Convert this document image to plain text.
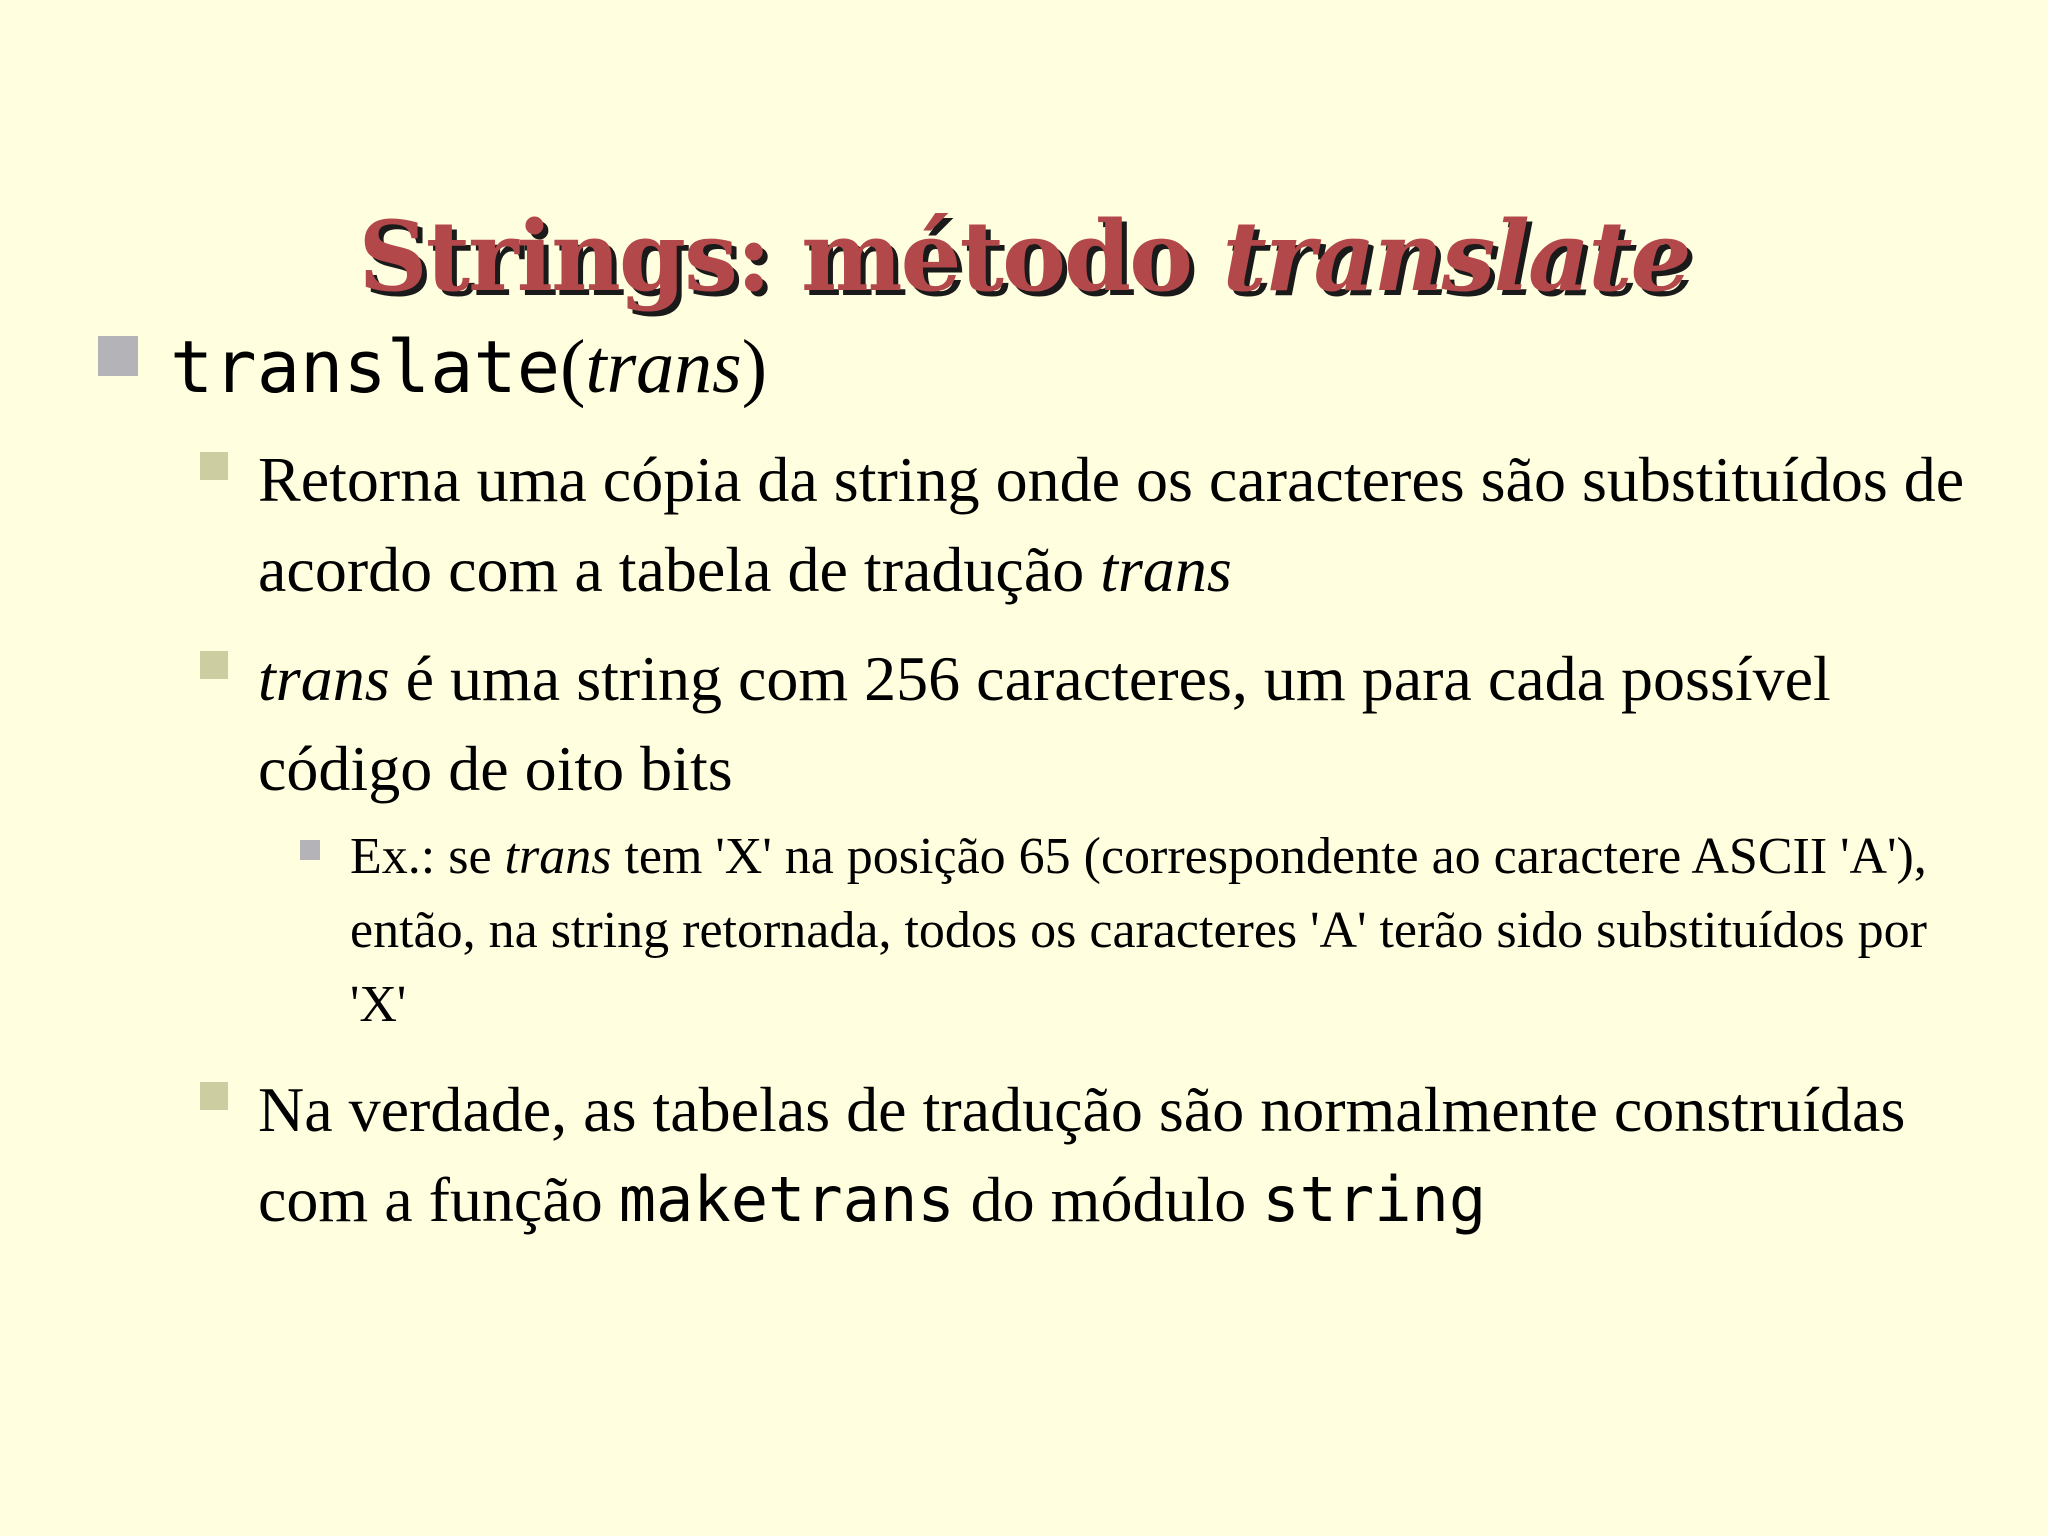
Strings: método translate

translate(trans)

Retorna uma cópia da string onde os caracteres são substituídos de acordo com a tabela de tradução trans

trans é uma string com 256 caracteres, um para cada possível código de oito bits

Ex.: se trans tem 'X' na posição 65 (correspondente ao caractere ASCII 'A'), então, na string retornada, todos os caracteres 'A' terão sido substituídos por 'X'

Na verdade, as tabelas de tradução são normalmente construídas com a função maketrans do módulo string
